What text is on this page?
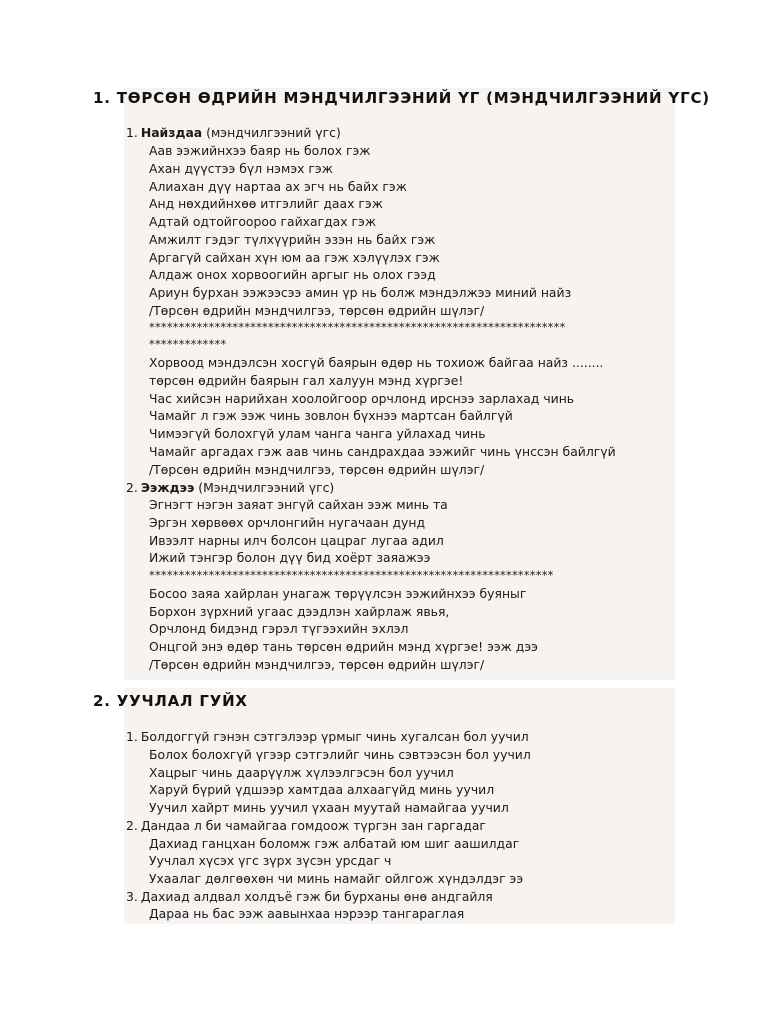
1. ТӨРСӨН ӨДРИЙН МЭНДЧИЛГЭЭНИЙ ҮГ (МЭНДЧИЛГЭЭНИЙ ҮГС)
1. Найздаа (мэндчилгээний үгс)
Аав ээжийнхээ баяр нь болох гэж
Ахан дүүстээ бүл нэмэх гэж
Алиахан дүү нартаа ах эгч нь байх гэж
Анд нөхдийнхөө итгэлийг даах гэж
Адтай одтойгоороо гайхагдах гэж
Амжилт гэдэг түлхүүрийн эзэн нь байх гэж
Аргагүй сайхан хүн юм аа гэж хэлүүлэх гэж
Алдаж онох хорвоогийн аргыг нь олох гээд
Ариун бурхан ээжээсээ амин үр нь болж мэндэлжээ миний найз
/Төрсөн өдрийн мэндчилгээ, төрсөн өдрийн шүлэг/
**********************************************************************
*************
Хорвоод мэндэлсэн хосгүй баярын өдөр нь тохиож байгаа найз ........
төрсөн өдрийн баярын гал халуун мэнд хүргэе!
Час хийсэн нарийхан хоолойгоор орчлонд ирснээ зарлахад чинь
Чамайг л гэж ээж чинь зовлон бүхнээ мартсан байлгүй
Чимээгүй болохгүй улам чанга чанга уйлахад чинь
Чамайг аргадах гэж аав чинь сандрахдаа ээжийг чинь үнссэн байлгүй
/Төрсөн өдрийн мэндчилгээ, төрсөн өдрийн шүлэг/
2. Ээждээ (Мэндчилгээний үгс)
Эгнэгт нэгэн заяат энгүй сайхан ээж минь та
Эргэн хөрвөөх орчлонгийн нугачаан дунд
Ивээлт нарны илч болсон цацраг лугаа адил
Ижий тэнгэр болон дүү бид хоёрт заяажээ
********************************************************************
Босоо заяа хайрлан унагаж төрүүлсэн ээжийнхээ буяныг
Борхон зүрхний угаас дээдлэн хайрлаж явья,
Орчлонд бидэнд гэрэл түгээхийн эхлэл
Онцгой энэ өдөр тань төрсөн өдрийн мэнд хүргэе! ээж дээ
/Төрсөн өдрийн мэндчилгээ, төрсөн өдрийн шүлэг/
2. УУЧЛАЛ ГУЙХ
1. Болдоггүй гэнэн сэтгэлээр үрмыг чинь хугалсан бол уучил
Болох болохгүй үгээр сэтгэлийг чинь сэвтээсэн бол уучил
Хацрыг чинь даарүүлж хүлээлгэсэн бол уучил
Харуй бүрий үдшээр хамтдаа алхаагүйд минь уучил
Уучил хайрт минь уучил үхаан муутай намайгаа уучил
2. Дандаа л би чамайгаа гомдоож түргэн зан гаргадаг
Дахиад ганцхан боломж гэж албатай юм шиг аашилдаг
Уучлал хүсэх үгс зүрх зүсэн урсдаг ч
Ухаалаг дөлгөөхөн чи минь намайг ойлгож хүндэлдэг ээ
3. Дахиад алдвал холдъё гэж би бурханы өнө андгайля
Дараа нь бас ээж аавынхаа нэрээр тангараглая
